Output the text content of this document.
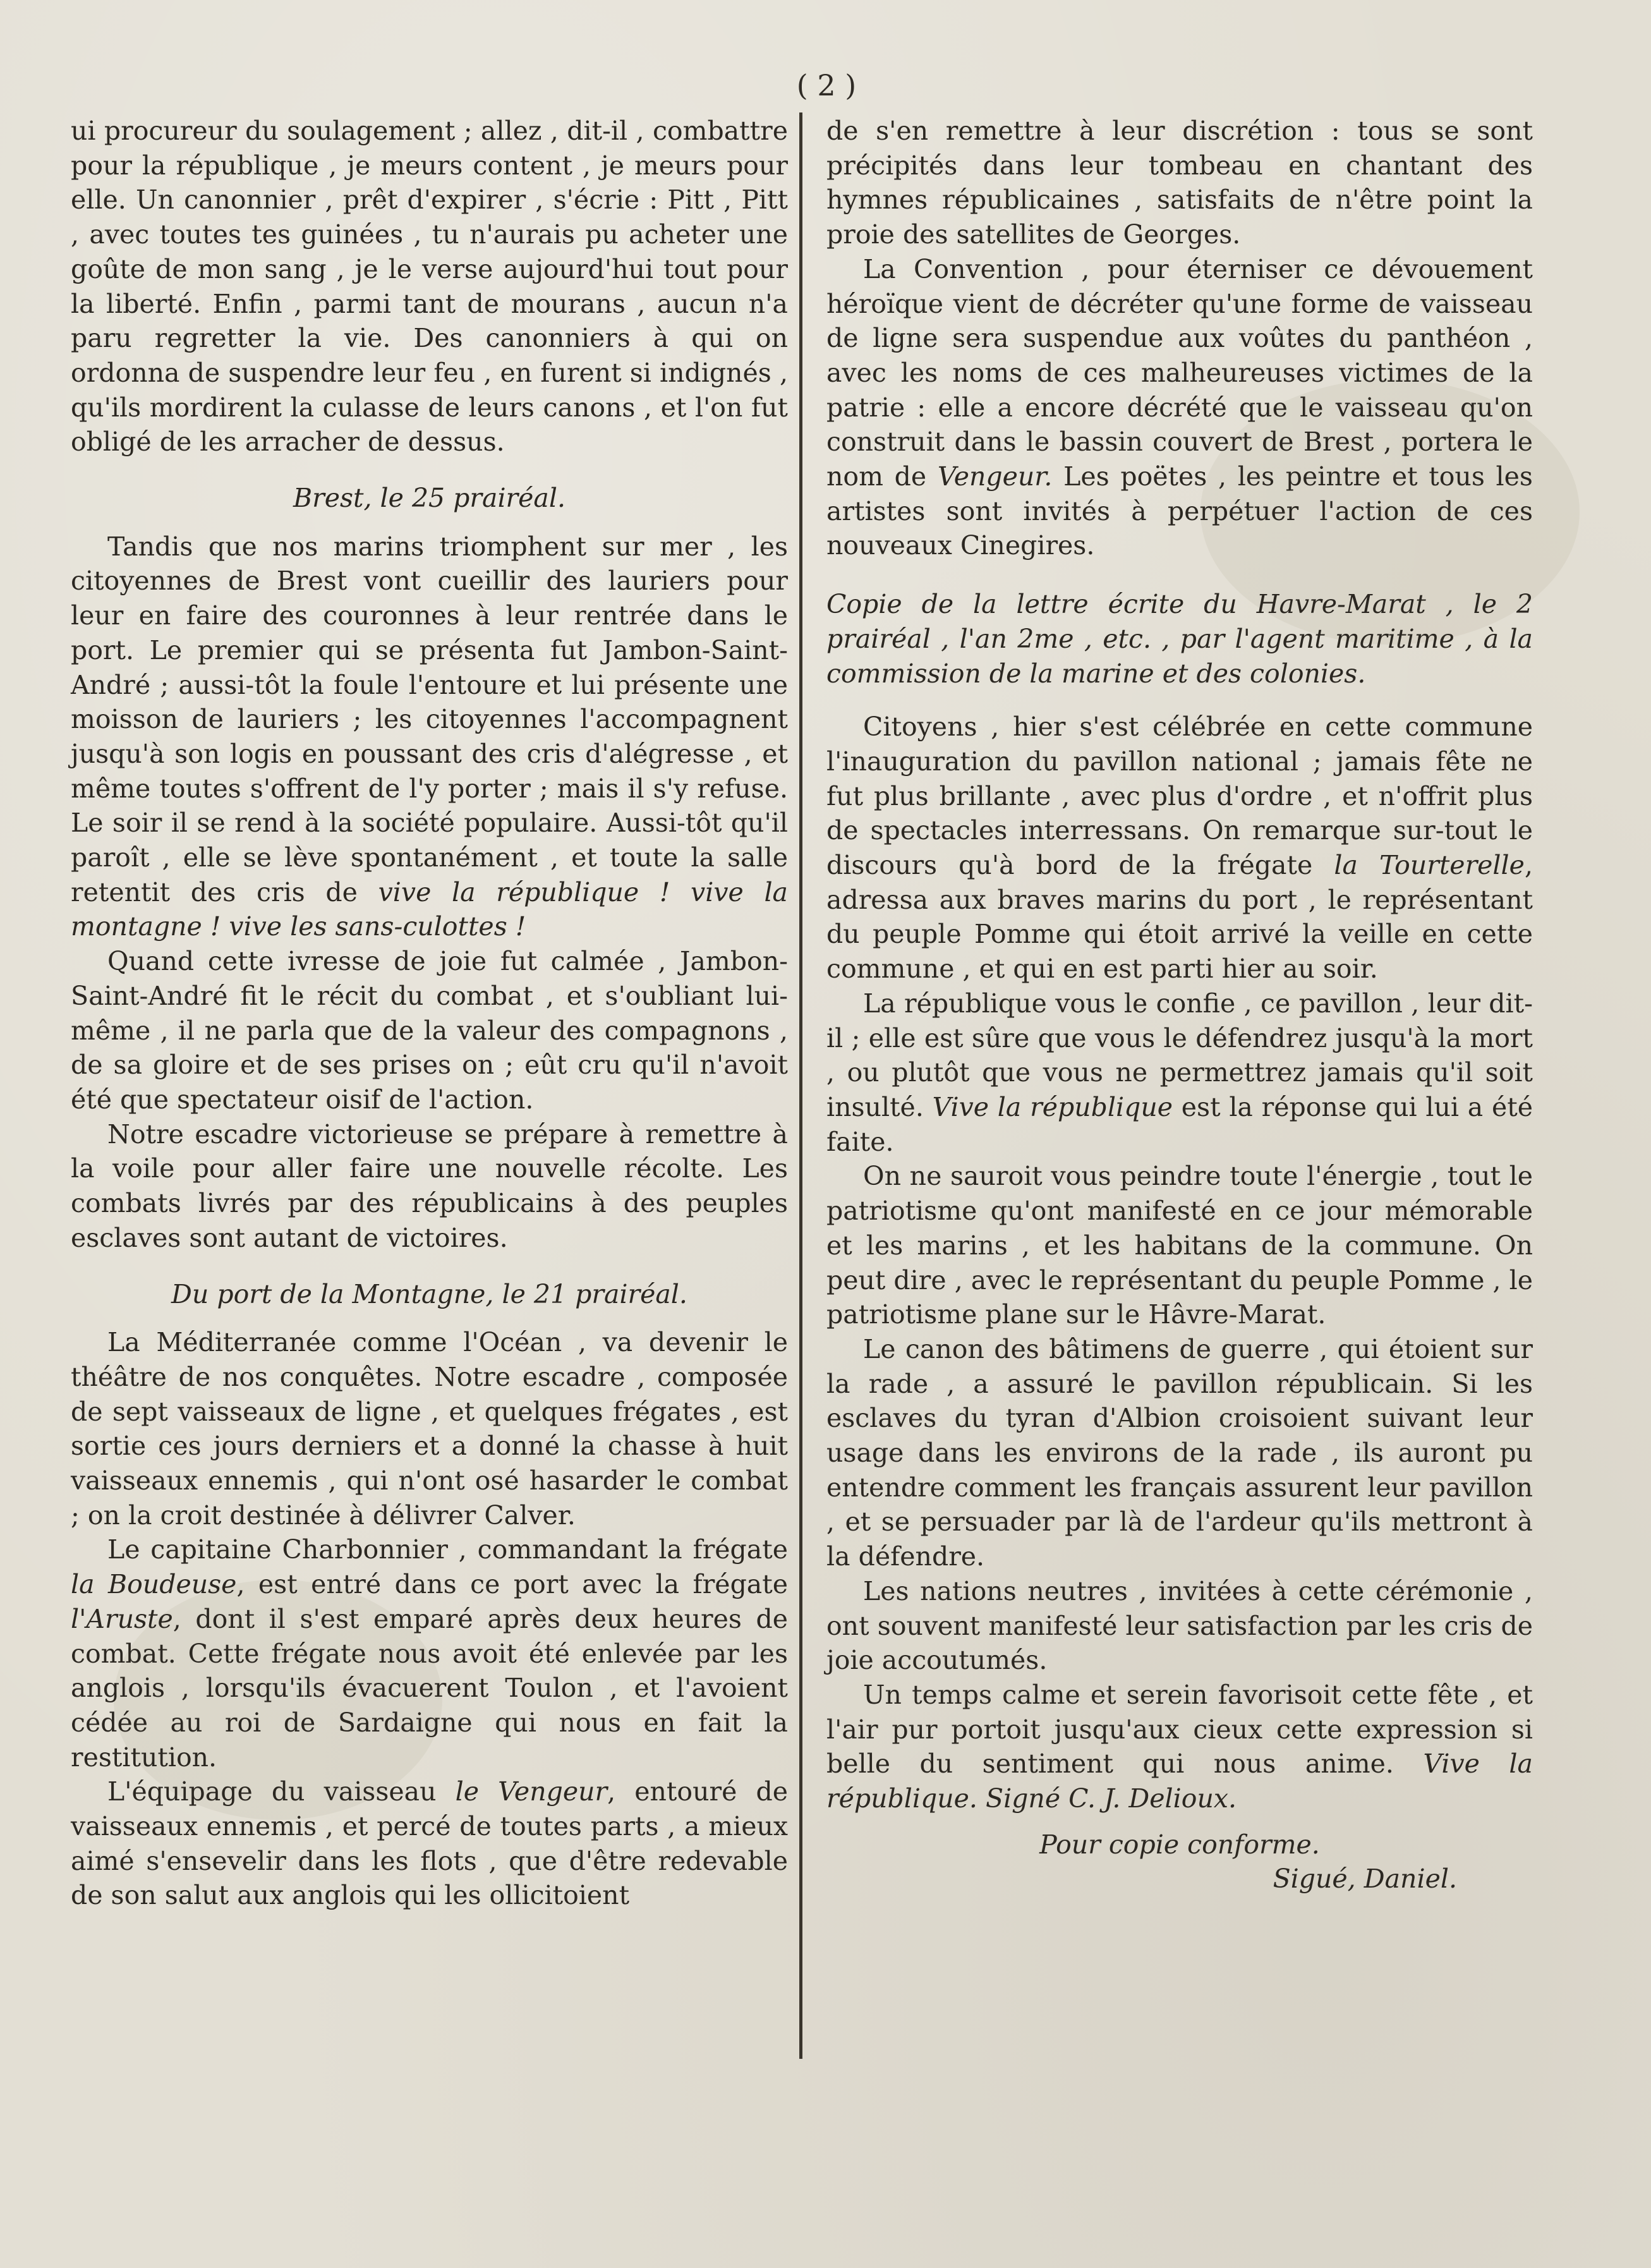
( 2 )

ui procureur du soulagement ; allez , dit-il , combattre pour la république , je meurs content , je meurs pour elle. Un canonnier , prêt d'expirer , s'écrie : Pitt , Pitt , avec toutes tes guinées , tu n'aurais pu acheter une goûte de mon sang , je le verse aujourd'hui tout pour la liberté. Enfin , parmi tant de mourans , aucun n'a paru regretter la vie. Des canonniers à qui on ordonna de suspendre leur feu , en furent si indignés , qu'ils mordirent la culasse de leurs canons , et l'on fut obligé de les arracher de dessus.

Brest, le 25 prairéal.

Tandis que nos marins triomphent sur mer , les citoyennes de Brest vont cueillir des lauriers pour leur en faire des couronnes à leur rentrée dans le port. Le premier qui se présenta fut Jambon-Saint-André ; aussi-tôt la foule l'entoure et lui présente une moisson de lauriers ; les citoyennes l'accompagnent jusqu'à son logis en poussant des cris d'alégresse , et même toutes s'offrent de l'y porter ; mais il s'y refuse. Le soir il se rend à la société populaire. Aussi-tôt qu'il paroît , elle se lève spontanément , et toute la salle retentit des cris de vive la république ! vive la montagne ! vive les sans-culottes !

Quand cette ivresse de joie fut calmée , Jambon-Saint-André fit le récit du combat , et s'oubliant lui-même , il ne parla que de la valeur des compagnons , de sa gloire et de ses prises on ; eût cru qu'il n'avoit été que spectateur oisif de l'action.

Notre escadre victorieuse se prépare à remettre à la voile pour aller faire une nouvelle récolte. Les combats livrés par des républicains à des peuples esclaves sont autant de victoires.

Du port de la Montagne, le 21 prairéal.

La Méditerranée comme l'Océan , va devenir le théâtre de nos conquêtes. Notre escadre , composée de sept vaisseaux de ligne , et quelques frégates , est sortie ces jours derniers et a donné la chasse à huit vaisseaux ennemis , qui n'ont osé hasarder le combat ; on la croit destinée à délivrer Calver.

Le capitaine Charbonnier , commandant la frégate la Boudeuse, est entré dans ce port avec la frégate l'Aruste, dont il s'est emparé après deux heures de combat. Cette frégate nous avoit été enlevée par les anglois , lorsqu'ils évacuerent Toulon , et l'avoient cédée au roi de Sardaigne qui nous en fait la restitution.

L'équipage du vaisseau le Vengeur, entouré de vaisseaux ennemis , et percé de toutes parts , a mieux aimé s'ensevelir dans les flots , que d'être redevable de son salut aux anglois qui les ollicitoient

de s'en remettre à leur discrétion : tous se sont précipités dans leur tombeau en chantant des hymnes républicaines , satisfaits de n'être point la proie des satellites de Georges.

La Convention , pour éterniser ce dévouement héroïque vient de décréter qu'une forme de vaisseau de ligne sera suspendue aux voûtes du panthéon , avec les noms de ces malheureuses victimes de la patrie : elle a encore décrété que le vaisseau qu'on construit dans le bassin couvert de Brest , portera le nom de Vengeur. Les poëtes , les peintre et tous les artistes sont invités à perpétuer l'action de ces nouveaux Cinegires.

Copie de la lettre écrite du Havre-Marat , le 2 prairéal , l'an 2me , etc. , par l'agent maritime , à la commission de la marine et des colonies.

Citoyens , hier s'est célébrée en cette commune l'inauguration du pavillon national ; jamais fête ne fut plus brillante , avec plus d'ordre , et n'offrit plus de spectacles interressans. On remarque sur-tout le discours qu'à bord de la frégate la Tourterelle, adressa aux braves marins du port , le représentant du peuple Pomme qui étoit arrivé la veille en cette commune , et qui en est parti hier au soir.

La république vous le confie , ce pavillon , leur dit-il ; elle est sûre que vous le défendrez jusqu'à la mort , ou plutôt que vous ne permettrez jamais qu'il soit insulté. Vive la république est la réponse qui lui a été faite.

On ne sauroit vous peindre toute l'énergie , tout le patriotisme qu'ont manifesté en ce jour mémorable et les marins , et les habitans de la commune. On peut dire , avec le représentant du peuple Pomme , le patriotisme plane sur le Hâvre-Marat.

Le canon des bâtimens de guerre , qui étoient sur la rade , a assuré le pavillon républicain. Si les esclaves du tyran d'Albion croisoient suivant leur usage dans les environs de la rade , ils auront pu entendre comment les français assurent leur pavillon , et se persuader par là de l'ardeur qu'ils mettront à la défendre.

Les nations neutres , invitées à cette cérémonie , ont souvent manifesté leur satisfaction par les cris de joie accoutumés.

Un temps calme et serein favorisoit cette fête , et l'air pur portoit jusqu'aux cieux cette expression si belle du sentiment qui nous anime. Vive la république. Signé C. J. Delioux.

Pour copie conforme.

Sigué, Daniel.
